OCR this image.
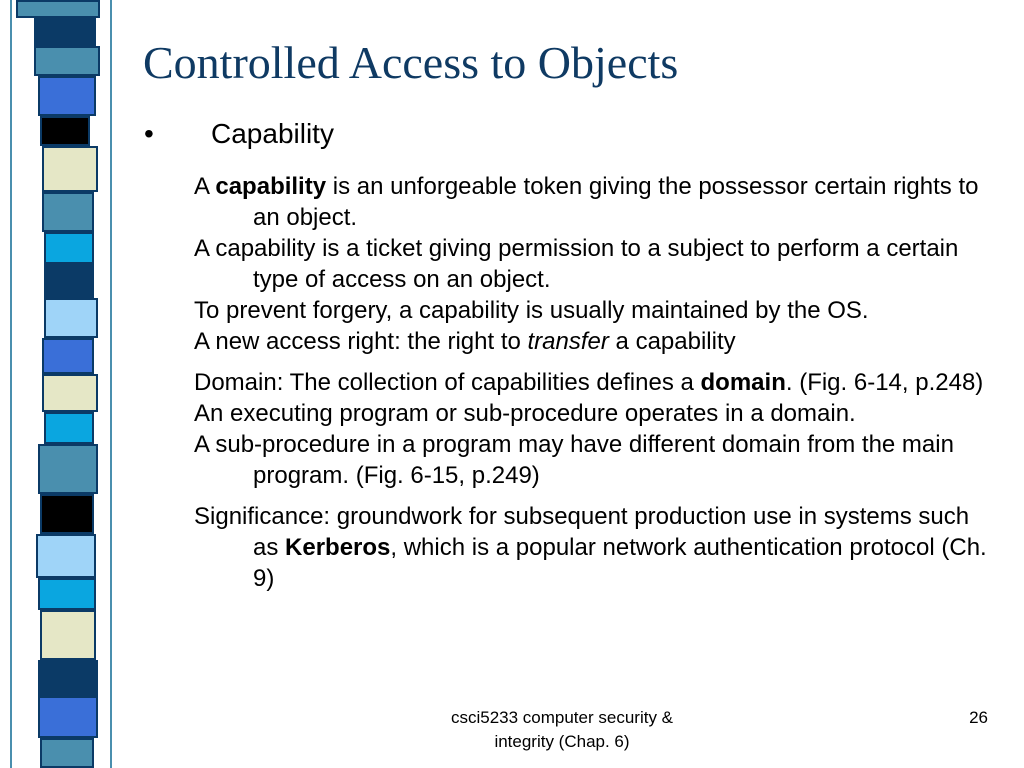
Controlled Access to Objects
•	Capability

A capability is an unforgeable token giving the possessor certain rights to an object.

A capability is a ticket giving permission to a subject to perform a certain type of access on an object.

To prevent forgery, a capability is usually maintained by the OS.

A new access right: the right to transfer a capability

Domain: The collection of capabilities defines a domain. (Fig. 6-14, p.248)

An executing program or sub-procedure operates in a domain.

A sub-procedure in a program may have different domain from the main program. (Fig. 6-15, p.249)

Significance: groundwork for subsequent production use in systems such as Kerberos, which is a popular network authentication protocol (Ch. 9)

csci5233 computer security &
integrity (Chap. 6)
26
